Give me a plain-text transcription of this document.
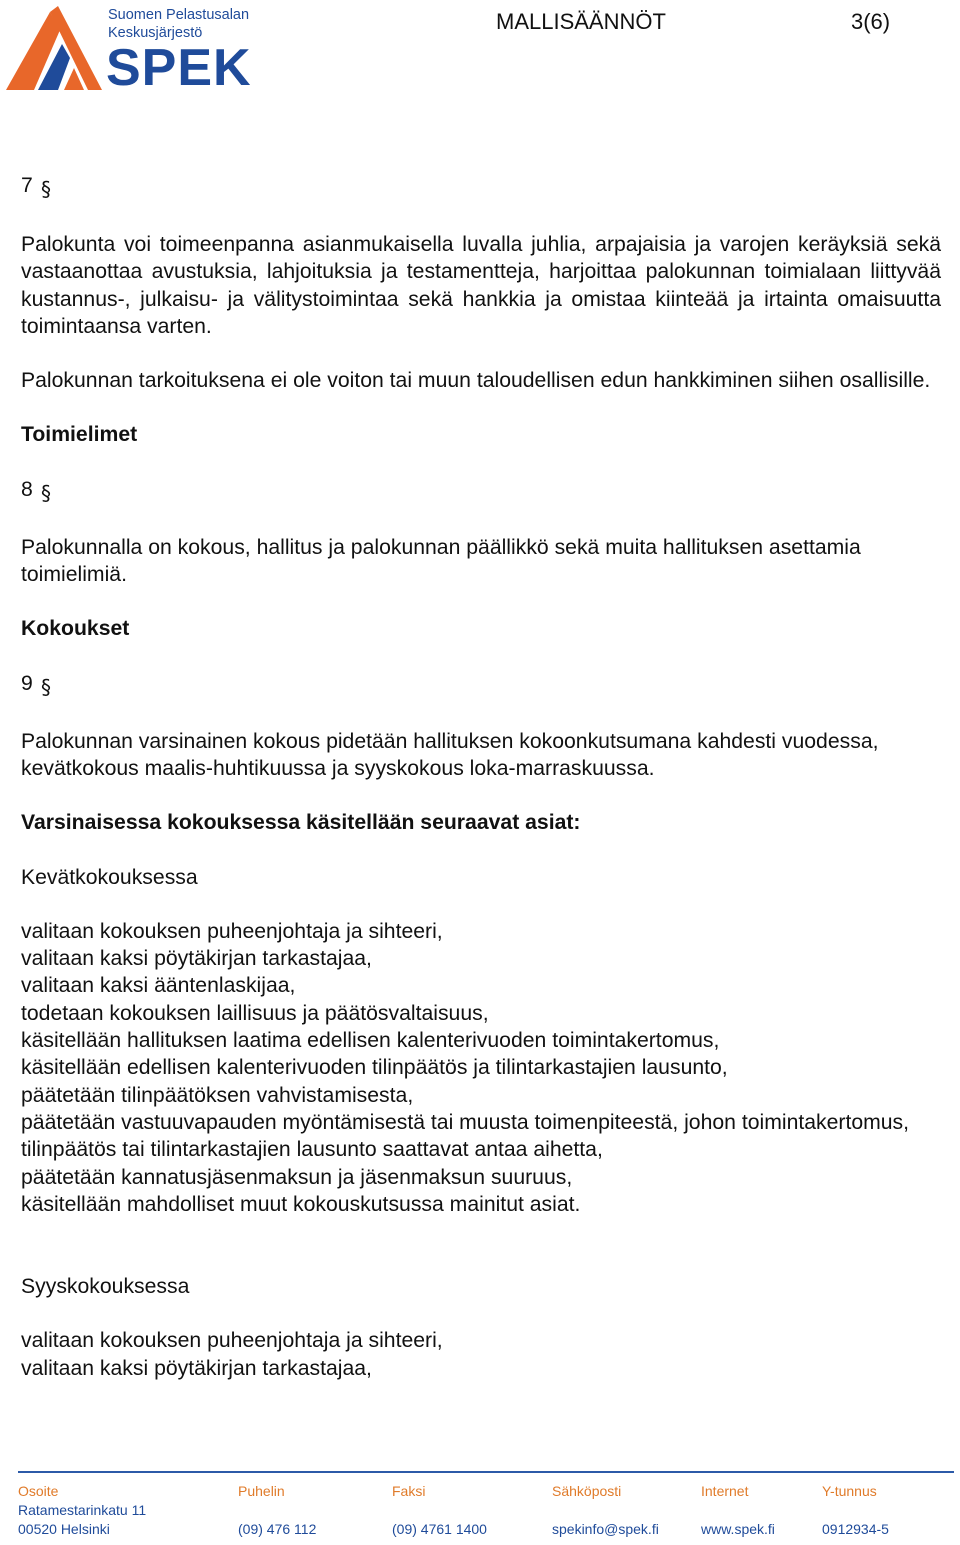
Suomen Pelastusalan
Keskusjärjestö
SPEK
MALLISÄÄNNÖT	3(6)
7 §

Palokunta voi toimeenpanna asianmukaisella luvalla juhlia, arpajaisia ja varojen keräyksiä sekä vastaanottaa avustuksia, lahjoituksia ja testamentteja, harjoittaa palokunnan toimialaan liittyvää kustannus-, julkaisu- ja välitystoimintaa sekä hankkia ja omistaa kiinteää ja irtainta omaisuutta toimintaansa varten.

Palokunnan tarkoituksena ei ole voiton tai muun taloudellisen edun hankkiminen siihen osallisille.

Toimielimet

8 §

Palokunnalla on kokous, hallitus ja palokunnan päällikkö sekä muita hallituksen asettamia toimielimiä.

Kokoukset

9 §

Palokunnan varsinainen kokous pidetään hallituksen kokoonkutsumana kahdesti vuodessa, kevätkokous maalis-huhtikuussa ja syyskokous loka-marraskuussa.

Varsinaisessa kokouksessa käsitellään seuraavat asiat:

Kevätkokouksessa

valitaan kokouksen puheenjohtaja ja sihteeri,
valitaan kaksi pöytäkirjan tarkastajaa,
valitaan kaksi ääntenlaskijaa,
todetaan kokouksen laillisuus ja päätösvaltaisuus,
käsitellään hallituksen laatima edellisen kalenterivuoden toimintakertomus,
käsitellään edellisen kalenterivuoden tilinpäätös ja tilintarkastajien lausunto,
päätetään tilinpäätöksen vahvistamisesta,
päätetään vastuuvapauden myöntämisestä tai muusta toimenpiteestä, johon toimintakertomus, tilinpäätös tai tilintarkastajien lausunto saattavat antaa aihetta,
päätetään kannatusjäsenmaksun ja jäsenmaksun suuruus,
käsitellään mahdolliset muut kokouskutsussa mainitut asiat.

Syyskokouksessa

valitaan kokouksen puheenjohtaja ja sihteeri,
valitaan kaksi pöytäkirjan tarkastajaa,
Osoite
Ratamestarinkatu 11
00520 Helsinki
Puhelin

(09) 476 112
Faksi

(09) 4761 1400
Sähköposti

spekinfo@spek.fi
Internet

www.spek.fi
Y-tunnus

0912934-5
